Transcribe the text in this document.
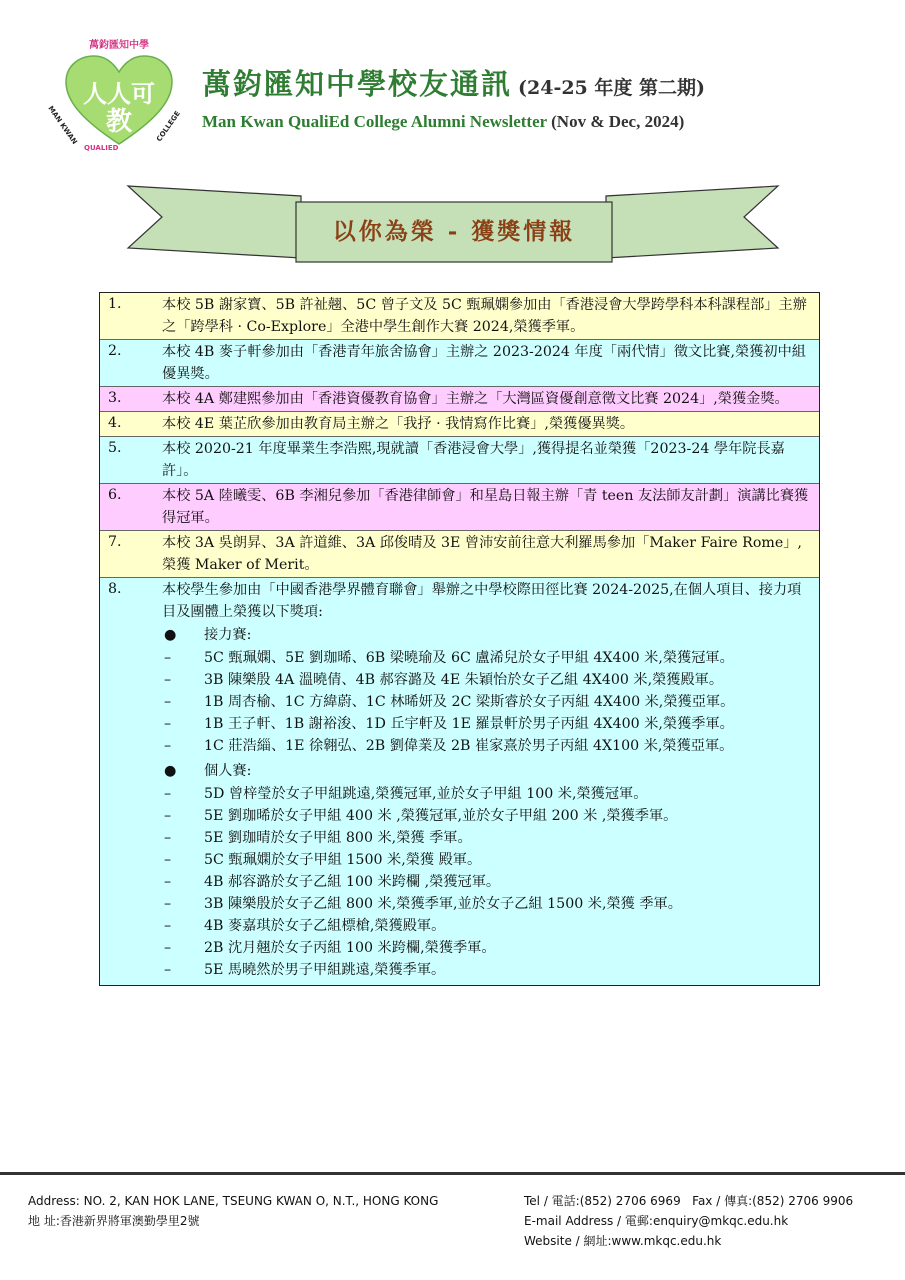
人人可
教
萬鈞匯知中學
MAN KWAN
QUALIED
COLLEGE
萬鈞匯知中學校友通訊 (24-25 年度 第二期)
Man Kwan QualiEd College Alumni Newsletter (Nov & Dec, 2024)
以你為榮 - 獲獎情報
1.	本校 5B 謝家寶、5B 許祉翹、5C 曾子文及 5C 甄珮嫻參加由「香港浸會大學跨學科本科課程部」主辦之「跨學科 · Co-Explore」全港中學生創作大賽 2024,榮獲季軍。
2.	本校 4B 麥子軒參加由「香港青年旅舍協會」主辦之 2023-2024 年度「兩代情」徵文比賽,榮獲初中組優異獎。
3.	本校 4A 鄭建熙參加由「香港資優教育協會」主辦之「大灣區資優創意徵文比賽 2024」,榮獲金獎。
4.	本校 4E 葉芷欣參加由教育局主辦之「我抒 · 我情寫作比賽」,榮獲優異獎。
5.	本校 2020-21 年度畢業生李浩熙,現就讀「香港浸會大學」,獲得提名並榮獲「2023-24 學年院長嘉許」。
6.	本校 5A 陸曦雯、6B 李湘兒參加「香港律師會」和星島日報主辦「青 teen 友法師友計劃」演講比賽獲得冠軍。
7.	本校 3A 吳朗昇、3A 許道維、3A 邱俊晴及 3E 曾沛安前往意大利羅馬參加「Maker Faire Rome」,榮獲 Maker of Merit。
8.	本校學生參加由「中國香港學界體育聯會」舉辦之中學校際田徑比賽 2024-2025,在個人項目、接力項目及團體上榮獲以下獎項:
●	接力賽:
–	5C 甄珮嫻、5E 劉珈晞、6B 梁曉瑜及 6C 盧浠兒於女子甲組 4X400 米,榮獲冠軍。
–	3B 陳樂殷 4A 溫曉倩、4B 郝容潞及 4E 朱穎怡於女子乙組 4X400 米,榮獲殿軍。
–	1B 周杏榆、1C 方緯蔚、1C 林晞妍及 2C 梁斯睿於女子丙組 4X400 米,榮獲亞軍。
–	1B 王子軒、1B 謝裕浚、1D 丘宇軒及 1E 羅景軒於男子丙組 4X400 米,榮獲季軍。
–	1C 莊浩緇、1E 徐翱弘、2B 劉偉業及 2B 崔家熹於男子丙組 4X100 米,榮獲亞軍。
●	個人賽:
–	5D 曾梓瑩於女子甲組跳遠,榮獲冠軍,並於女子甲組 100 米,榮獲冠軍。
–	5E 劉珈晞於女子甲組 400 米 ,榮獲冠軍,並於女子甲組 200 米 ,榮獲季軍。
–	5E 劉珈晴於女子甲組 800 米,榮獲 季軍。
–	5C 甄珮嫻於女子甲組 1500 米,榮獲 殿軍。
–	4B 郝容潞於女子乙組 100 米跨欄 ,榮獲冠軍。
–	3B 陳樂殷於女子乙組 800 米,榮獲季軍,並於女子乙組 1500 米,榮獲 季軍。
–	4B 麥嘉琪於女子乙組標槍,榮獲殿軍。
–	2B 沈月翹於女子丙組 100 米跨欄,榮獲季軍。
–	5E 馬曉然於男子甲組跳遠,榮獲季軍。
Address: NO. 2, KAN HOK LANE, TSEUNG KWAN O, N.T., HONG KONG
地 址:香港新界將軍澳勤學里2號
Tel / 電話:(852) 2706 6969 Fax / 傳真:(852) 2706 9906
E-mail Address / 電郵:enquiry@mkqc.edu.hk
Website / 網址:www.mkqc.edu.hk
